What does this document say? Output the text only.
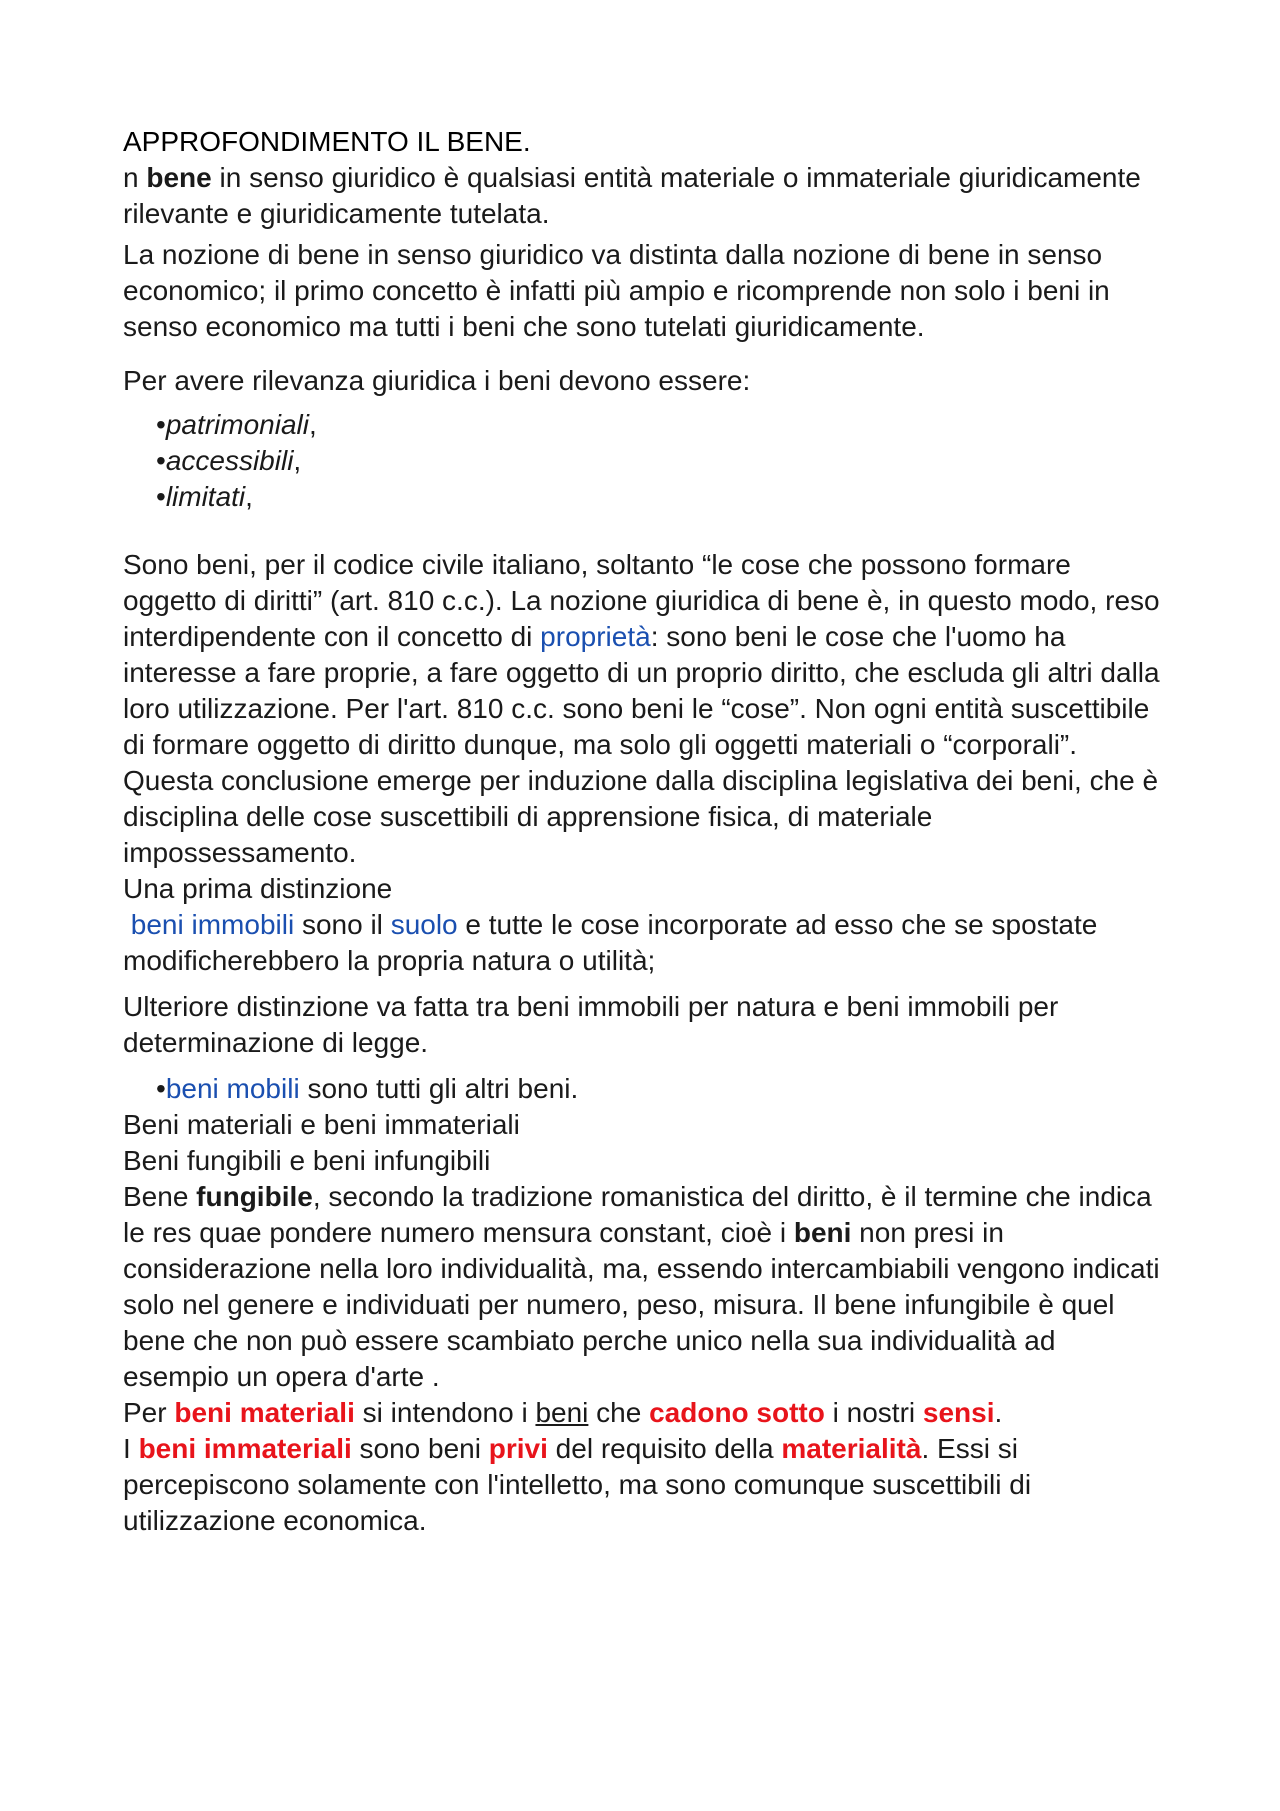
APPROFONDIMENTO IL BENE.

n bene in senso giuridico è qualsiasi entità materiale o immateriale giuridicamente rilevante e giuridicamente tutelata.

La nozione di bene in senso giuridico va distinta dalla nozione di bene in senso economico; il primo concetto è infatti più ampio e ricomprende non solo i beni in senso economico ma tutti i beni che sono tutelati giuridicamente.

Per avere rilevanza giuridica i beni devono essere:

•patrimoniali,
•accessibili,
•limitati,

Sono beni, per il codice civile italiano, soltanto “le cose che possono formare oggetto di diritti” (art. 810 c.c.). La nozione giuridica di bene è, in questo modo, reso interdipendente con il concetto di proprietà: sono beni le cose che l'uomo ha interesse a fare proprie, a fare oggetto di un proprio diritto, che escluda gli altri dalla loro utilizzazione. Per l'art. 810 c.c. sono beni le “cose”. Non ogni entità suscettibile di formare oggetto di diritto dunque, ma solo gli oggetti materiali o “corporali”. Questa conclusione emerge per induzione dalla disciplina legislativa dei beni, che è disciplina delle cose suscettibili di apprensione fisica, di materiale impossessamento.

Una prima distinzione

beni immobili sono il suolo e tutte le cose incorporate ad esso che se spostate modificherebbero la propria natura o utilità;

Ulteriore distinzione va fatta tra beni immobili per natura e beni immobili per determinazione di legge.

•beni mobili sono tutti gli altri beni.

Beni materiali e beni immateriali

Beni fungibili e beni infungibili

Bene fungibile, secondo la tradizione romanistica del diritto, è il termine che indica le res quae pondere numero mensura constant, cioè i beni non presi in considerazione nella loro individualità, ma, essendo intercambiabili vengono indicati solo nel genere e individuati per numero, peso, misura. Il bene infungibile è quel bene che non può essere scambiato perche unico nella sua individualità ad esempio un opera d'arte .

Per beni materiali si intendono i beni che cadono sotto i nostri sensi.

I beni immateriali sono beni privi del requisito della materialità. Essi si percepiscono solamente con l'intelletto, ma sono comunque suscettibili di utilizzazione economica.
